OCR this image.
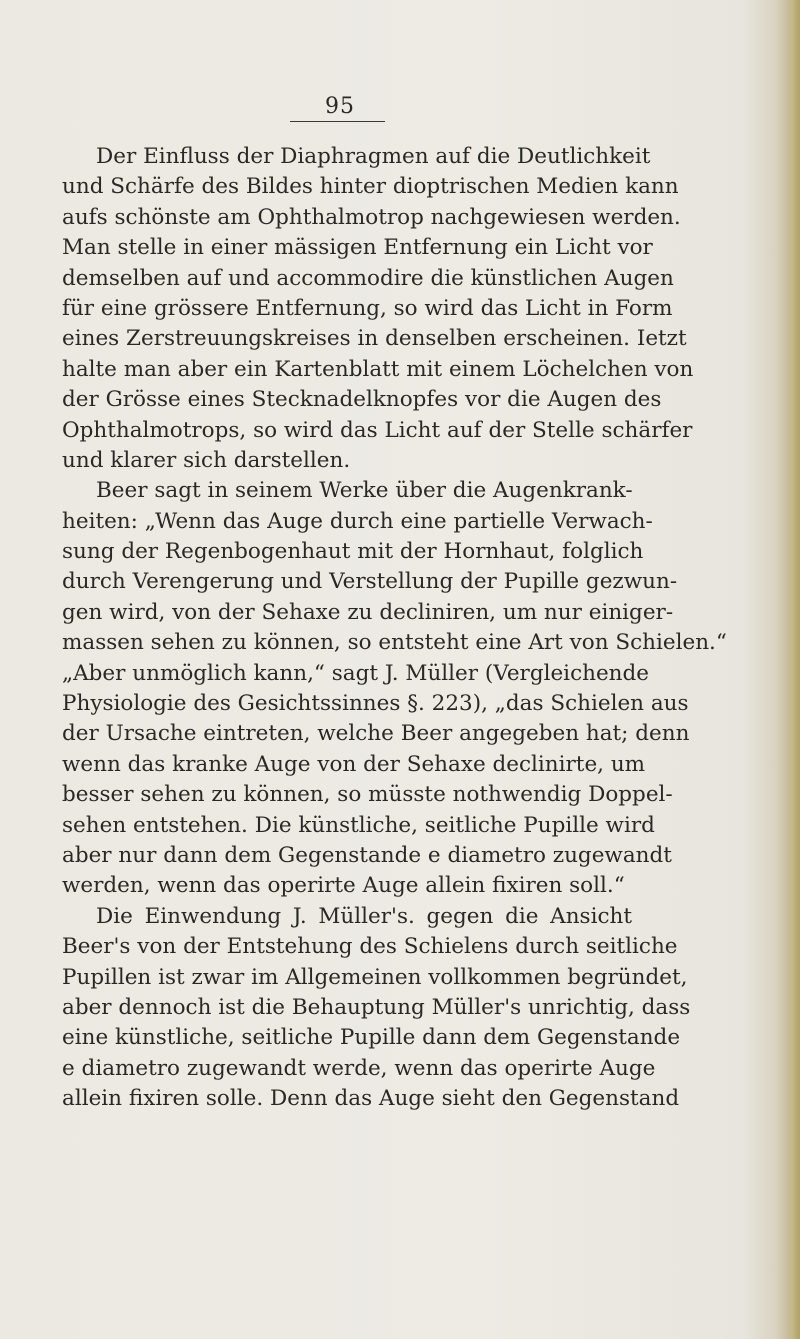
95
Der Einfluss der Diaphragmen auf die Deutlichkeit
und Schärfe des Bildes hinter dioptrischen Medien kann
aufs schönste am Ophthalmotrop nachgewiesen werden.
Man stelle in einer mässigen Entfernung ein Licht vor
demselben auf und accommodire die künstlichen Augen
für eine grössere Entfernung, so wird das Licht in Form
eines Zerstreuungskreises in denselben erscheinen. Ietzt
halte man aber ein Kartenblatt mit einem Löchelchen von
der Grösse eines Stecknadelknopfes vor die Augen des
Ophthalmotrops, so wird das Licht auf der Stelle schärfer
und klarer sich darstellen.
Beer sagt in seinem Werke über die Augenkrank-
heiten: „Wenn das Auge durch eine partielle Verwach-
sung der Regenbogenhaut mit der Hornhaut, folglich
durch Verengerung und Verstellung der Pupille gezwun-
gen wird, von der Sehaxe zu decliniren, um nur einiger-
massen sehen zu können, so entsteht eine Art von Schielen.“
„Aber unmöglich kann,“ sagt J. Müller (Vergleichende
Physiologie des Gesichtssinnes §. 223), „das Schielen aus
der Ursache eintreten, welche Beer angegeben hat; denn
wenn das kranke Auge von der Sehaxe declinirte, um
besser sehen zu können, so müsste nothwendig Doppel-
sehen entstehen. Die künstliche, seitliche Pupille wird
aber nur dann dem Gegenstande e diametro zugewandt
werden, wenn das operirte Auge allein fixiren soll.“
Die Einwendung J. Müller's. gegen die Ansicht
Beer's von der Entstehung des Schielens durch seitliche
Pupillen ist zwar im Allgemeinen vollkommen begründet,
aber dennoch ist die Behauptung Müller's unrichtig, dass
eine künstliche, seitliche Pupille dann dem Gegenstande
e diametro zugewandt werde, wenn das operirte Auge
allein fixiren solle. Denn das Auge sieht den Gegenstand
